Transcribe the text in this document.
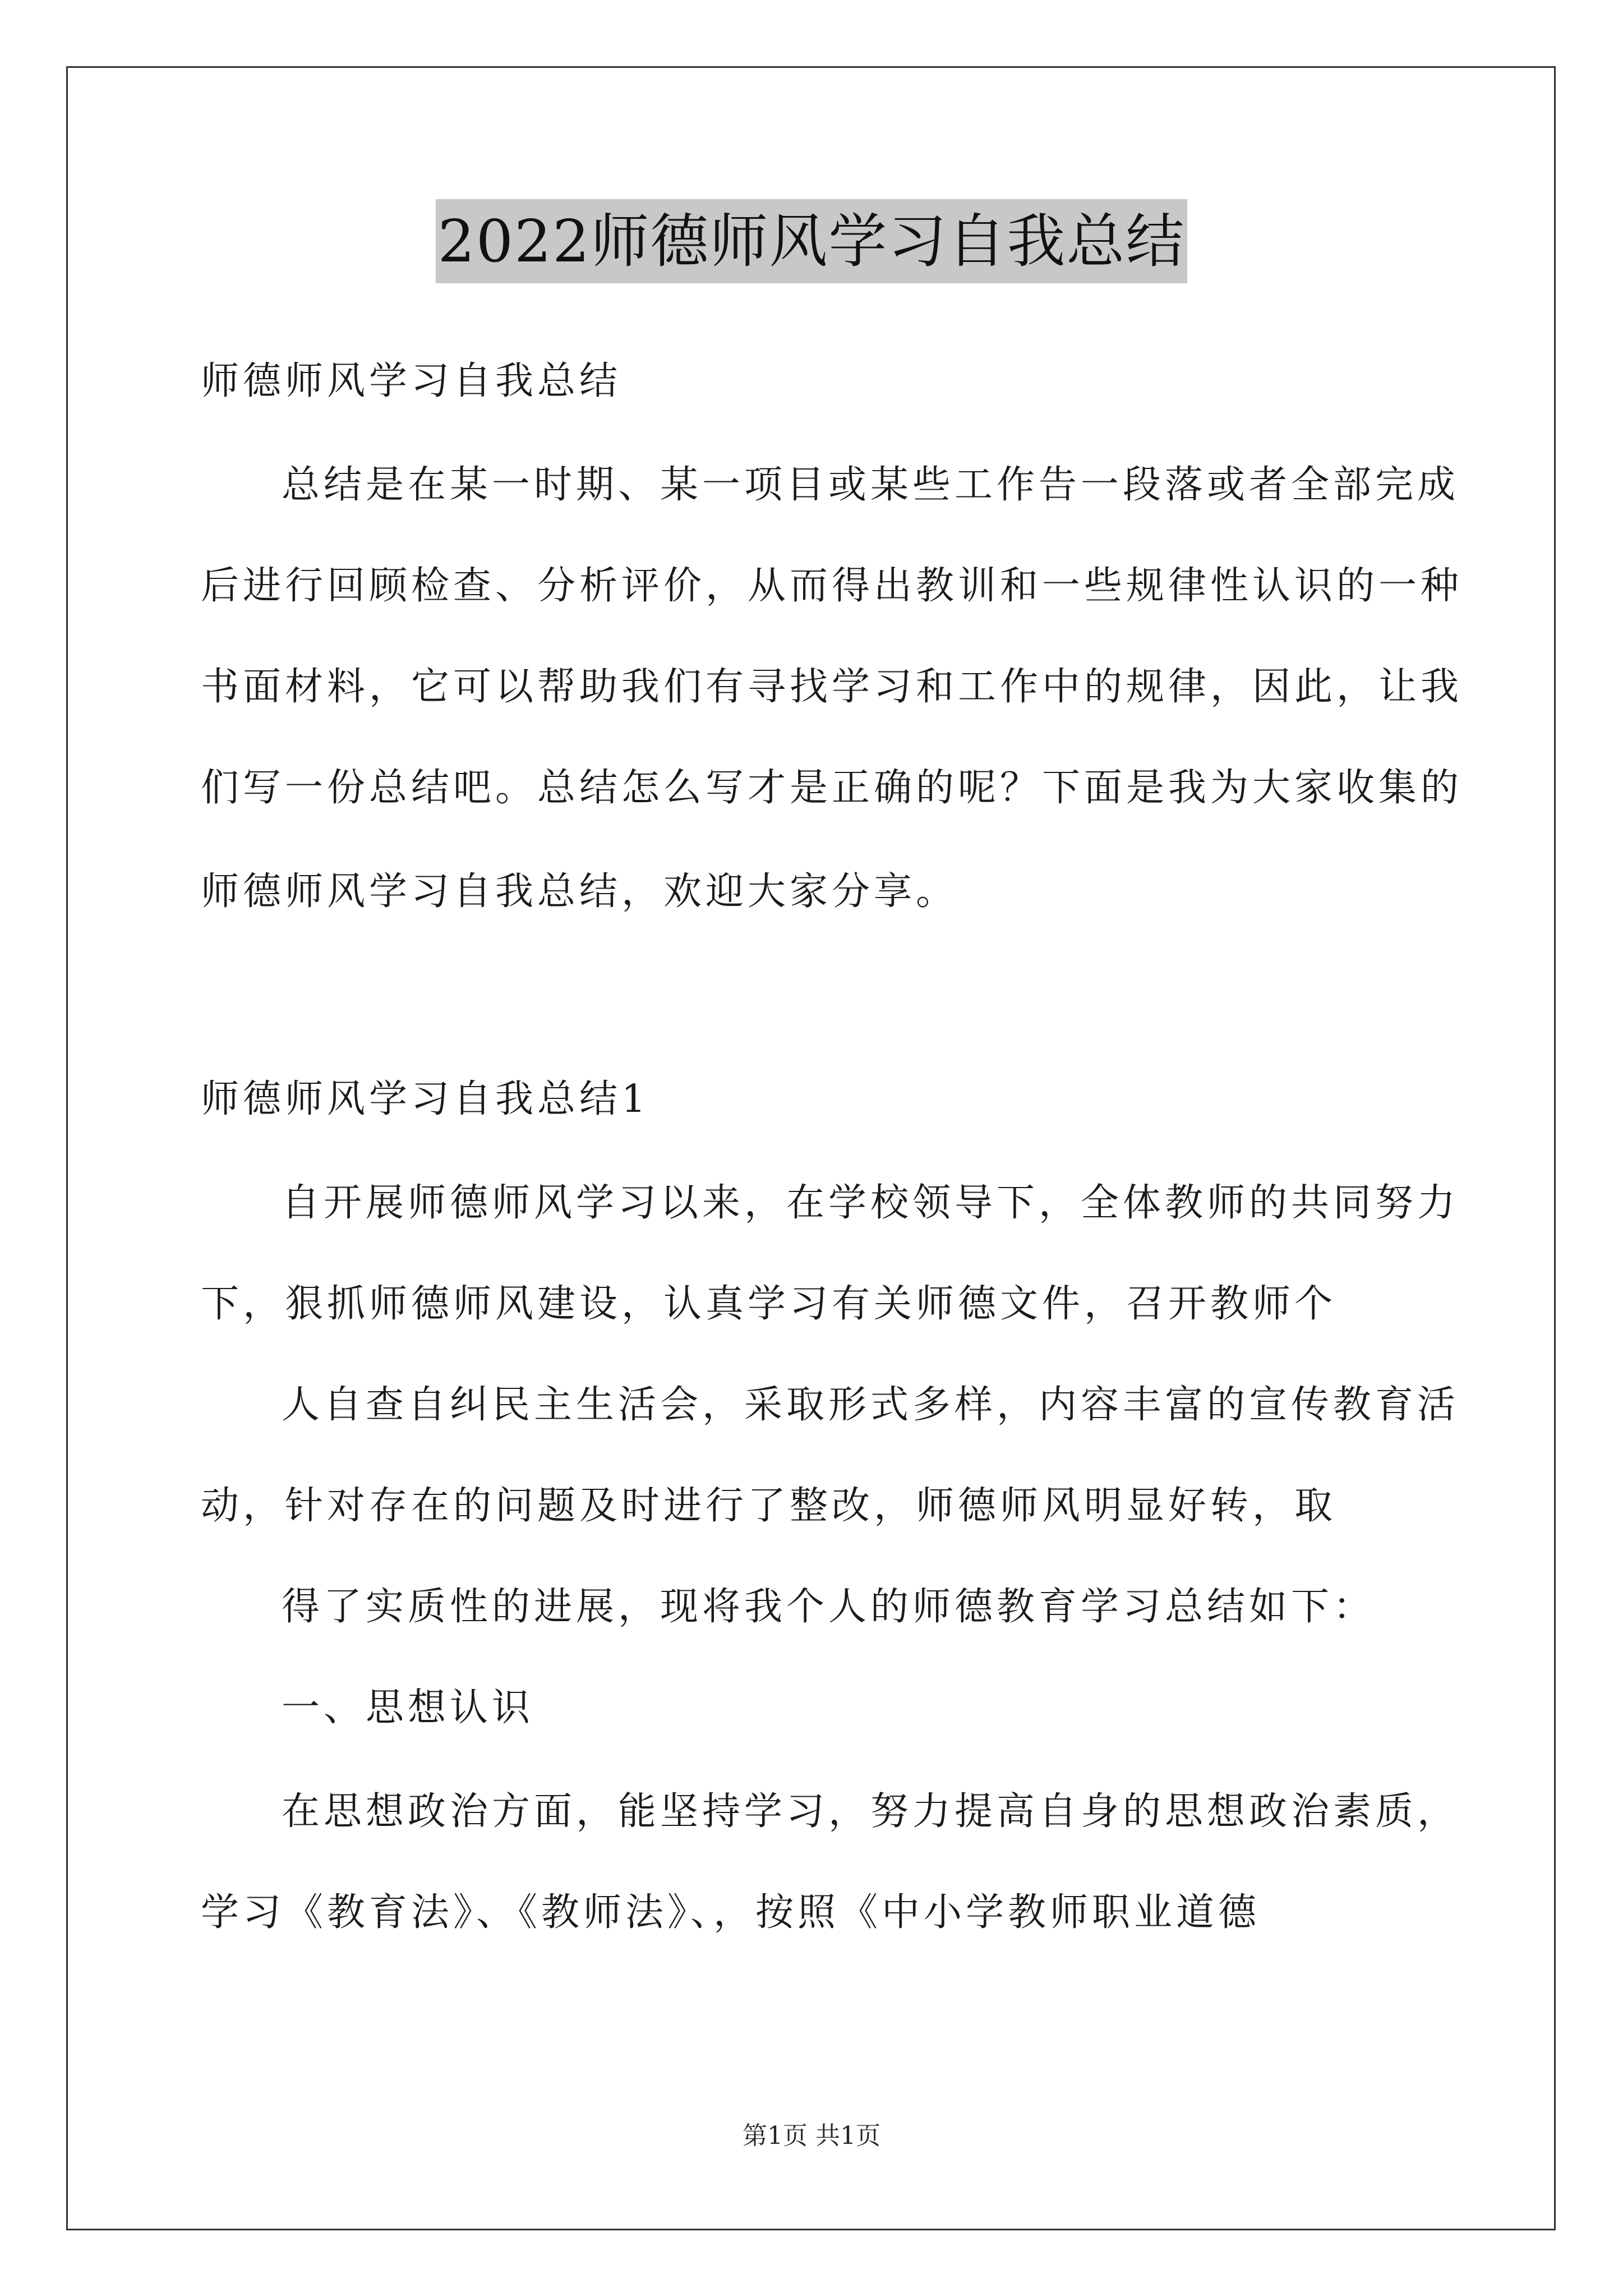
2022师德师风学习自我总结
师德师风学习自我总结
总结是在某一时期、某一项目或某些工作告一段落或者全部完成
后进行回顾检查、分析评价，从而得出教训和一些规律性认识的一种
书面材料，它可以帮助我们有寻找学习和工作中的规律，因此，让我
们写一份总结吧。总结怎么写才是正确的呢？下面是我为大家收集的
师德师风学习自我总结，欢迎大家分享。
师德师风学习自我总结1
自开展师德师风学习以来，在学校领导下，全体教师的共同努力
下，狠抓师德师风建设，认真学习有关师德文件，召开教师个
人自查自纠民主生活会，采取形式多样，内容丰富的宣传教育活
动，针对存在的问题及时进行了整改，师德师风明显好转，取
得了实质性的进展，现将我个人的师德教育学习总结如下：
一、思想认识
在思想政治方面，能坚持学习，努力提高自身的思想政治素质，
学习《教育法》、《教师法》、，按照《中小学教师职业道德
第1页 共1页
